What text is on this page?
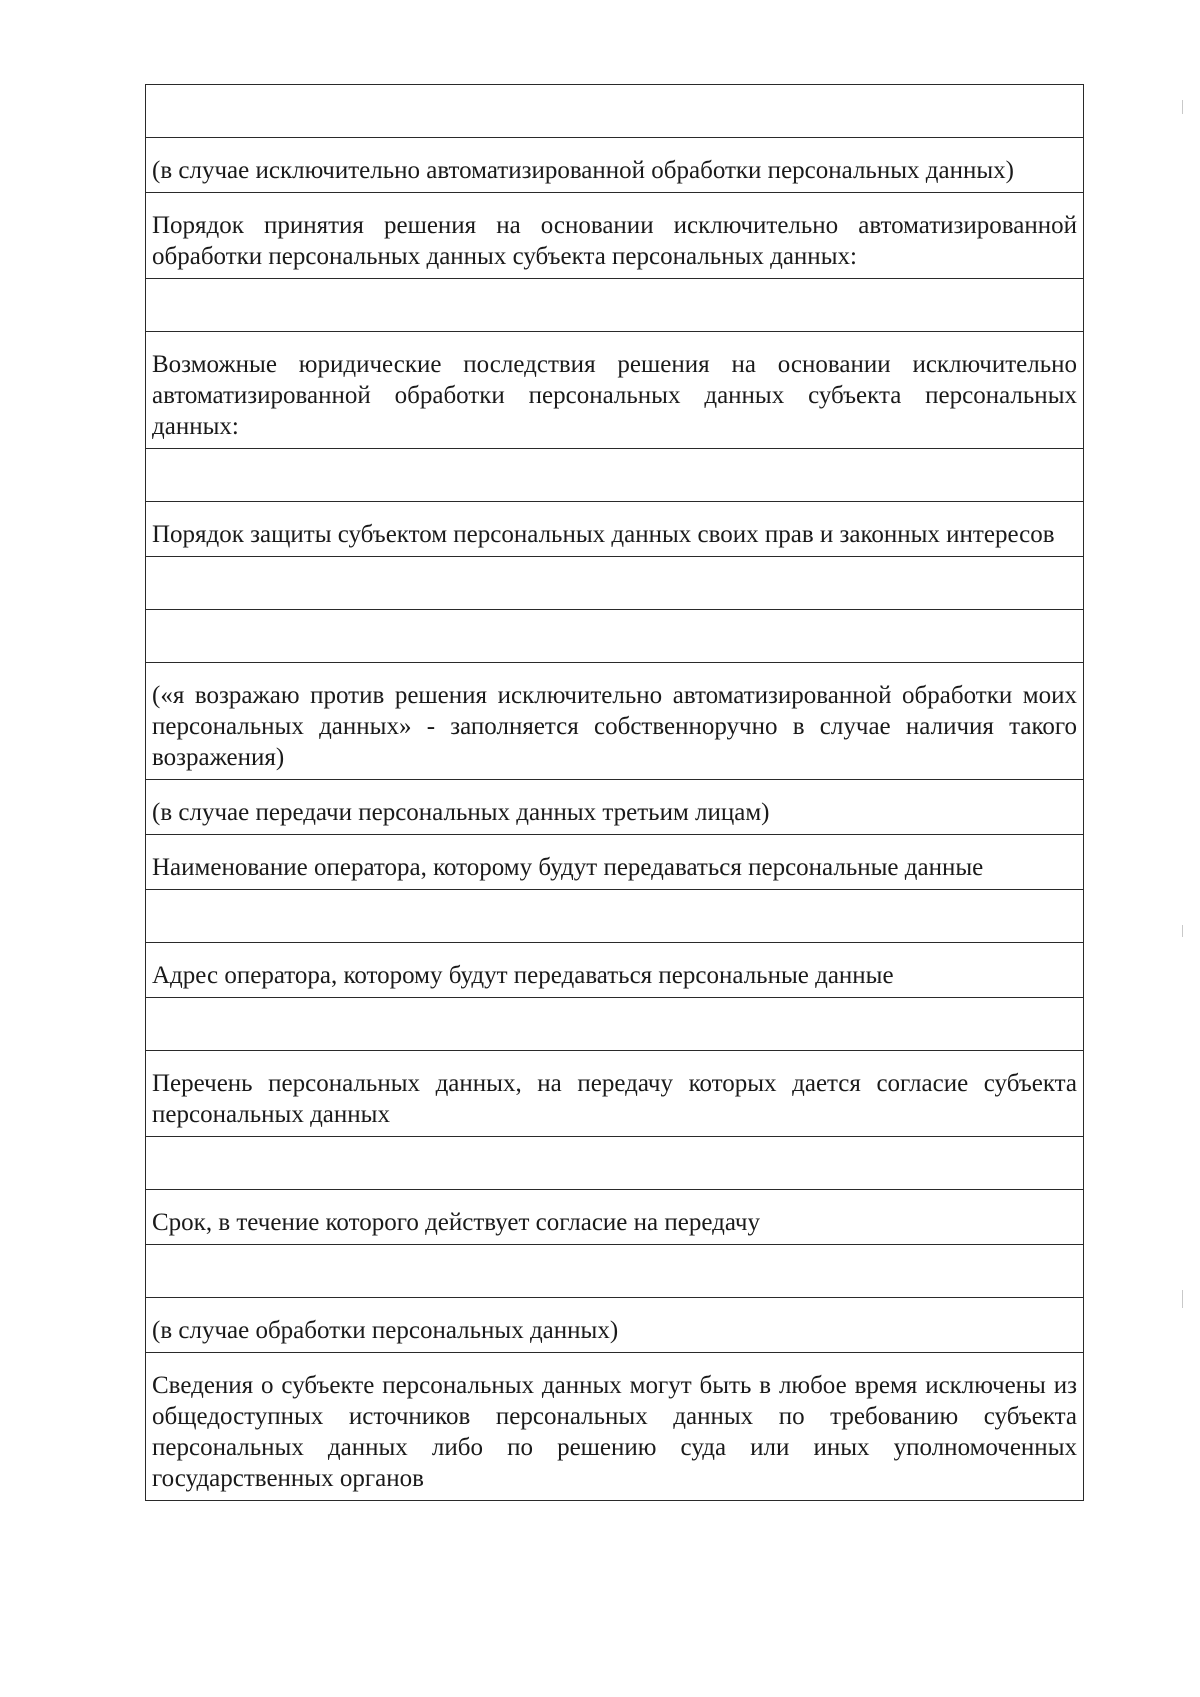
(в случае исключительно автоматизированной обработки персональных данных)
Порядок принятия решения на основании исключительно автоматизированной обработки персональных данных субъекта персональных данных:
Возможные юридические последствия решения на основании исключительно автоматизированной обработки персональных данных субъекта персональных данных:
Порядок защиты субъектом персональных данных своих прав и законных интересов
(«я возражаю против решения исключительно автоматизированной обработки моих персональных данных» - заполняется собственноручно в случае наличия такого возражения)
(в случае передачи персональных данных третьим лицам)
Наименование оператора, которому будут передаваться персональные данные
Адрес оператора, которому будут передаваться персональные данные
Перечень персональных данных, на передачу которых дается согласие субъекта персональных данных
Срок, в течение которого действует согласие на передачу
(в случае обработки персональных данных)
Сведения о субъекте персональных данных могут быть в любое время исключены из общедоступных источников персональных данных по требованию субъекта персональных данных либо по решению суда или иных уполномоченных государственных органов
